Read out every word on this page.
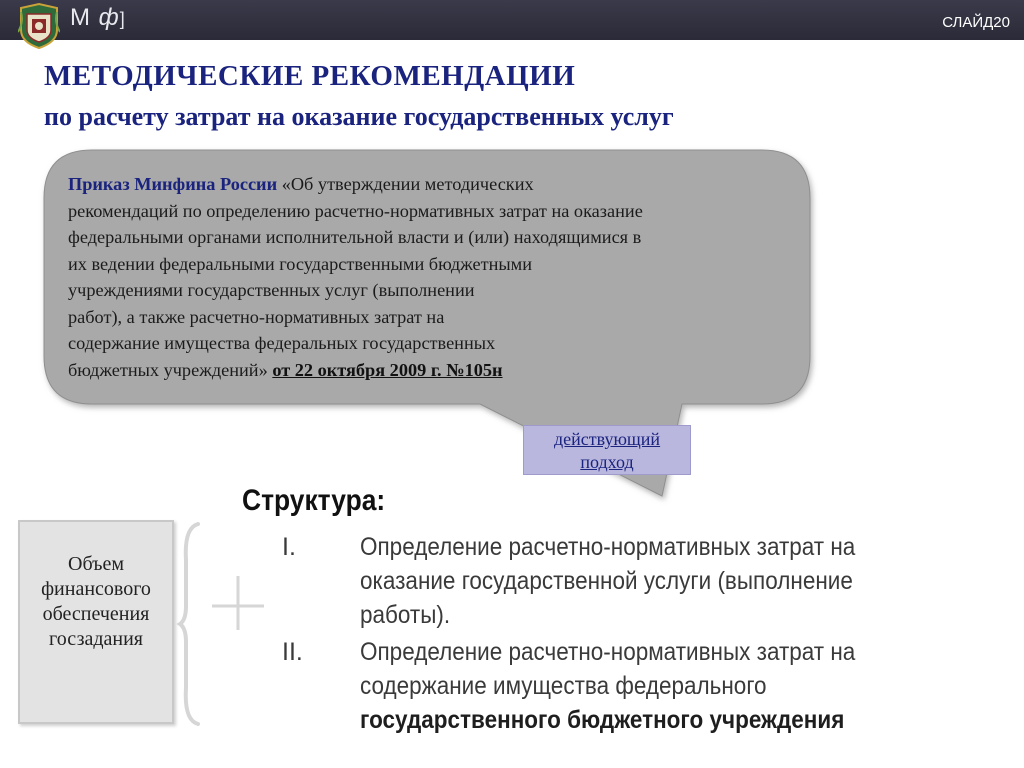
М ф]	СЛАЙД20
МЕТОДИЧЕСКИЕ РЕКОМЕНДАЦИИ
по расчету затрат на оказание государственных услуг
Приказ Минфина России «Об утверждении методических
рекомендаций по определению расчетно-нормативных затрат на оказание
федеральными органами исполнительной власти и (или) находящимися в
их ведении федеральными государственными бюджетными
учреждениями государственных услуг (выполнении
работ), а также расчетно-нормативных затрат на
содержание имущества федеральных государственных
бюджетных учреждений» от 22 октября 2009 г. №105н
действующий
подход
Объем
финансового
обеспечения
госзадания
Структура:
I.	Определение расчетно-нормативных затрат на
оказание государственной услуги (выполнение
работы).
II. Определение расчетно-нормативных затрат на
содержание имущества федерального
государственного бюджетного учреждения
